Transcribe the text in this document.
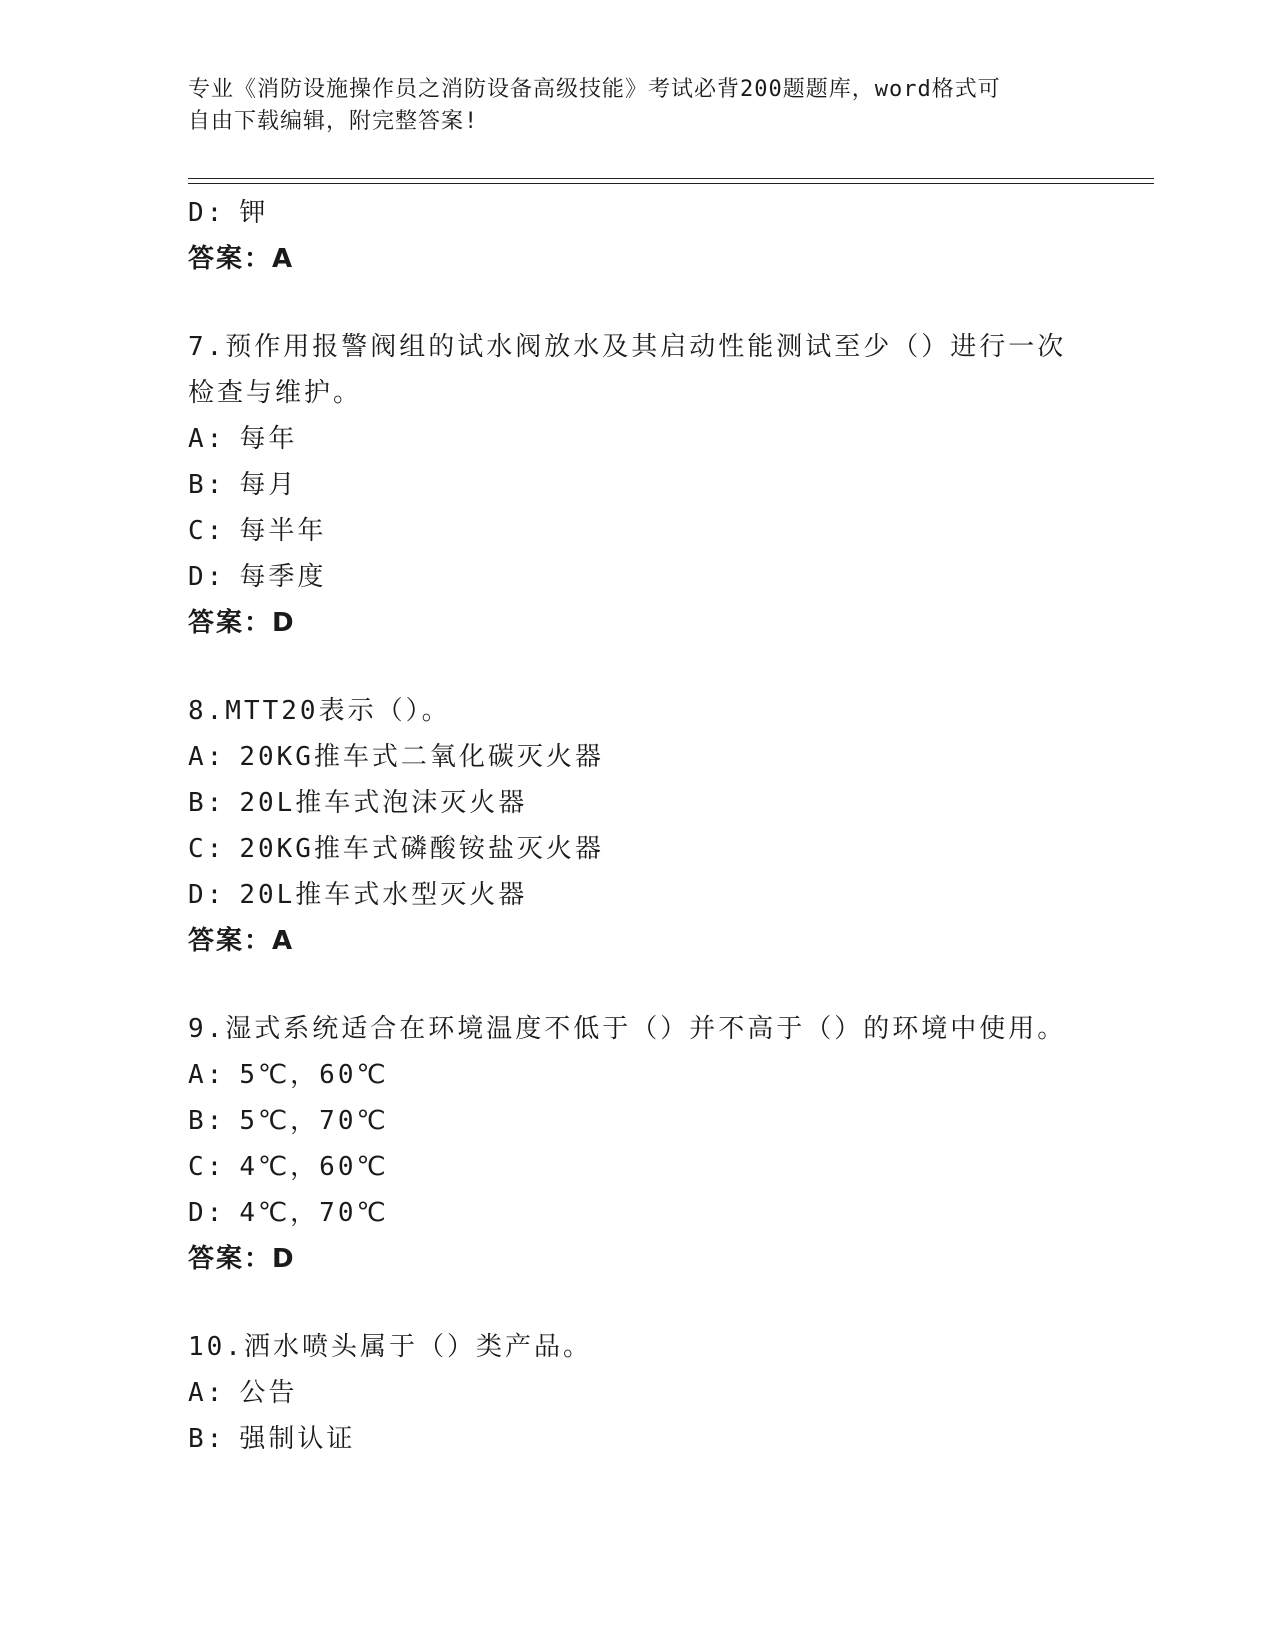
专业《消防设施操作员之消防设备高级技能》考试必背200题题库，word格式可
自由下载编辑，附完整答案!
D: 钾
答案：A
7.预作用报警阀组的试水阀放水及其启动性能测试至少（）进行一次
检查与维护。
A: 每年
B: 每月
C: 每半年
D: 每季度
答案：D
8.MTT20表示（）。
A: 20KG推车式二氧化碳灭火器
B: 20L推车式泡沫灭火器
C: 20KG推车式磷酸铵盐灭火器
D: 20L推车式水型灭火器
答案：A
9.湿式系统适合在环境温度不低于（）并不高于（）的环境中使用。
A: 5℃，60℃
B: 5℃，70℃
C: 4℃，60℃
D: 4℃，70℃
答案：D
10.洒水喷头属于（）类产品。
A: 公告
B: 强制认证
